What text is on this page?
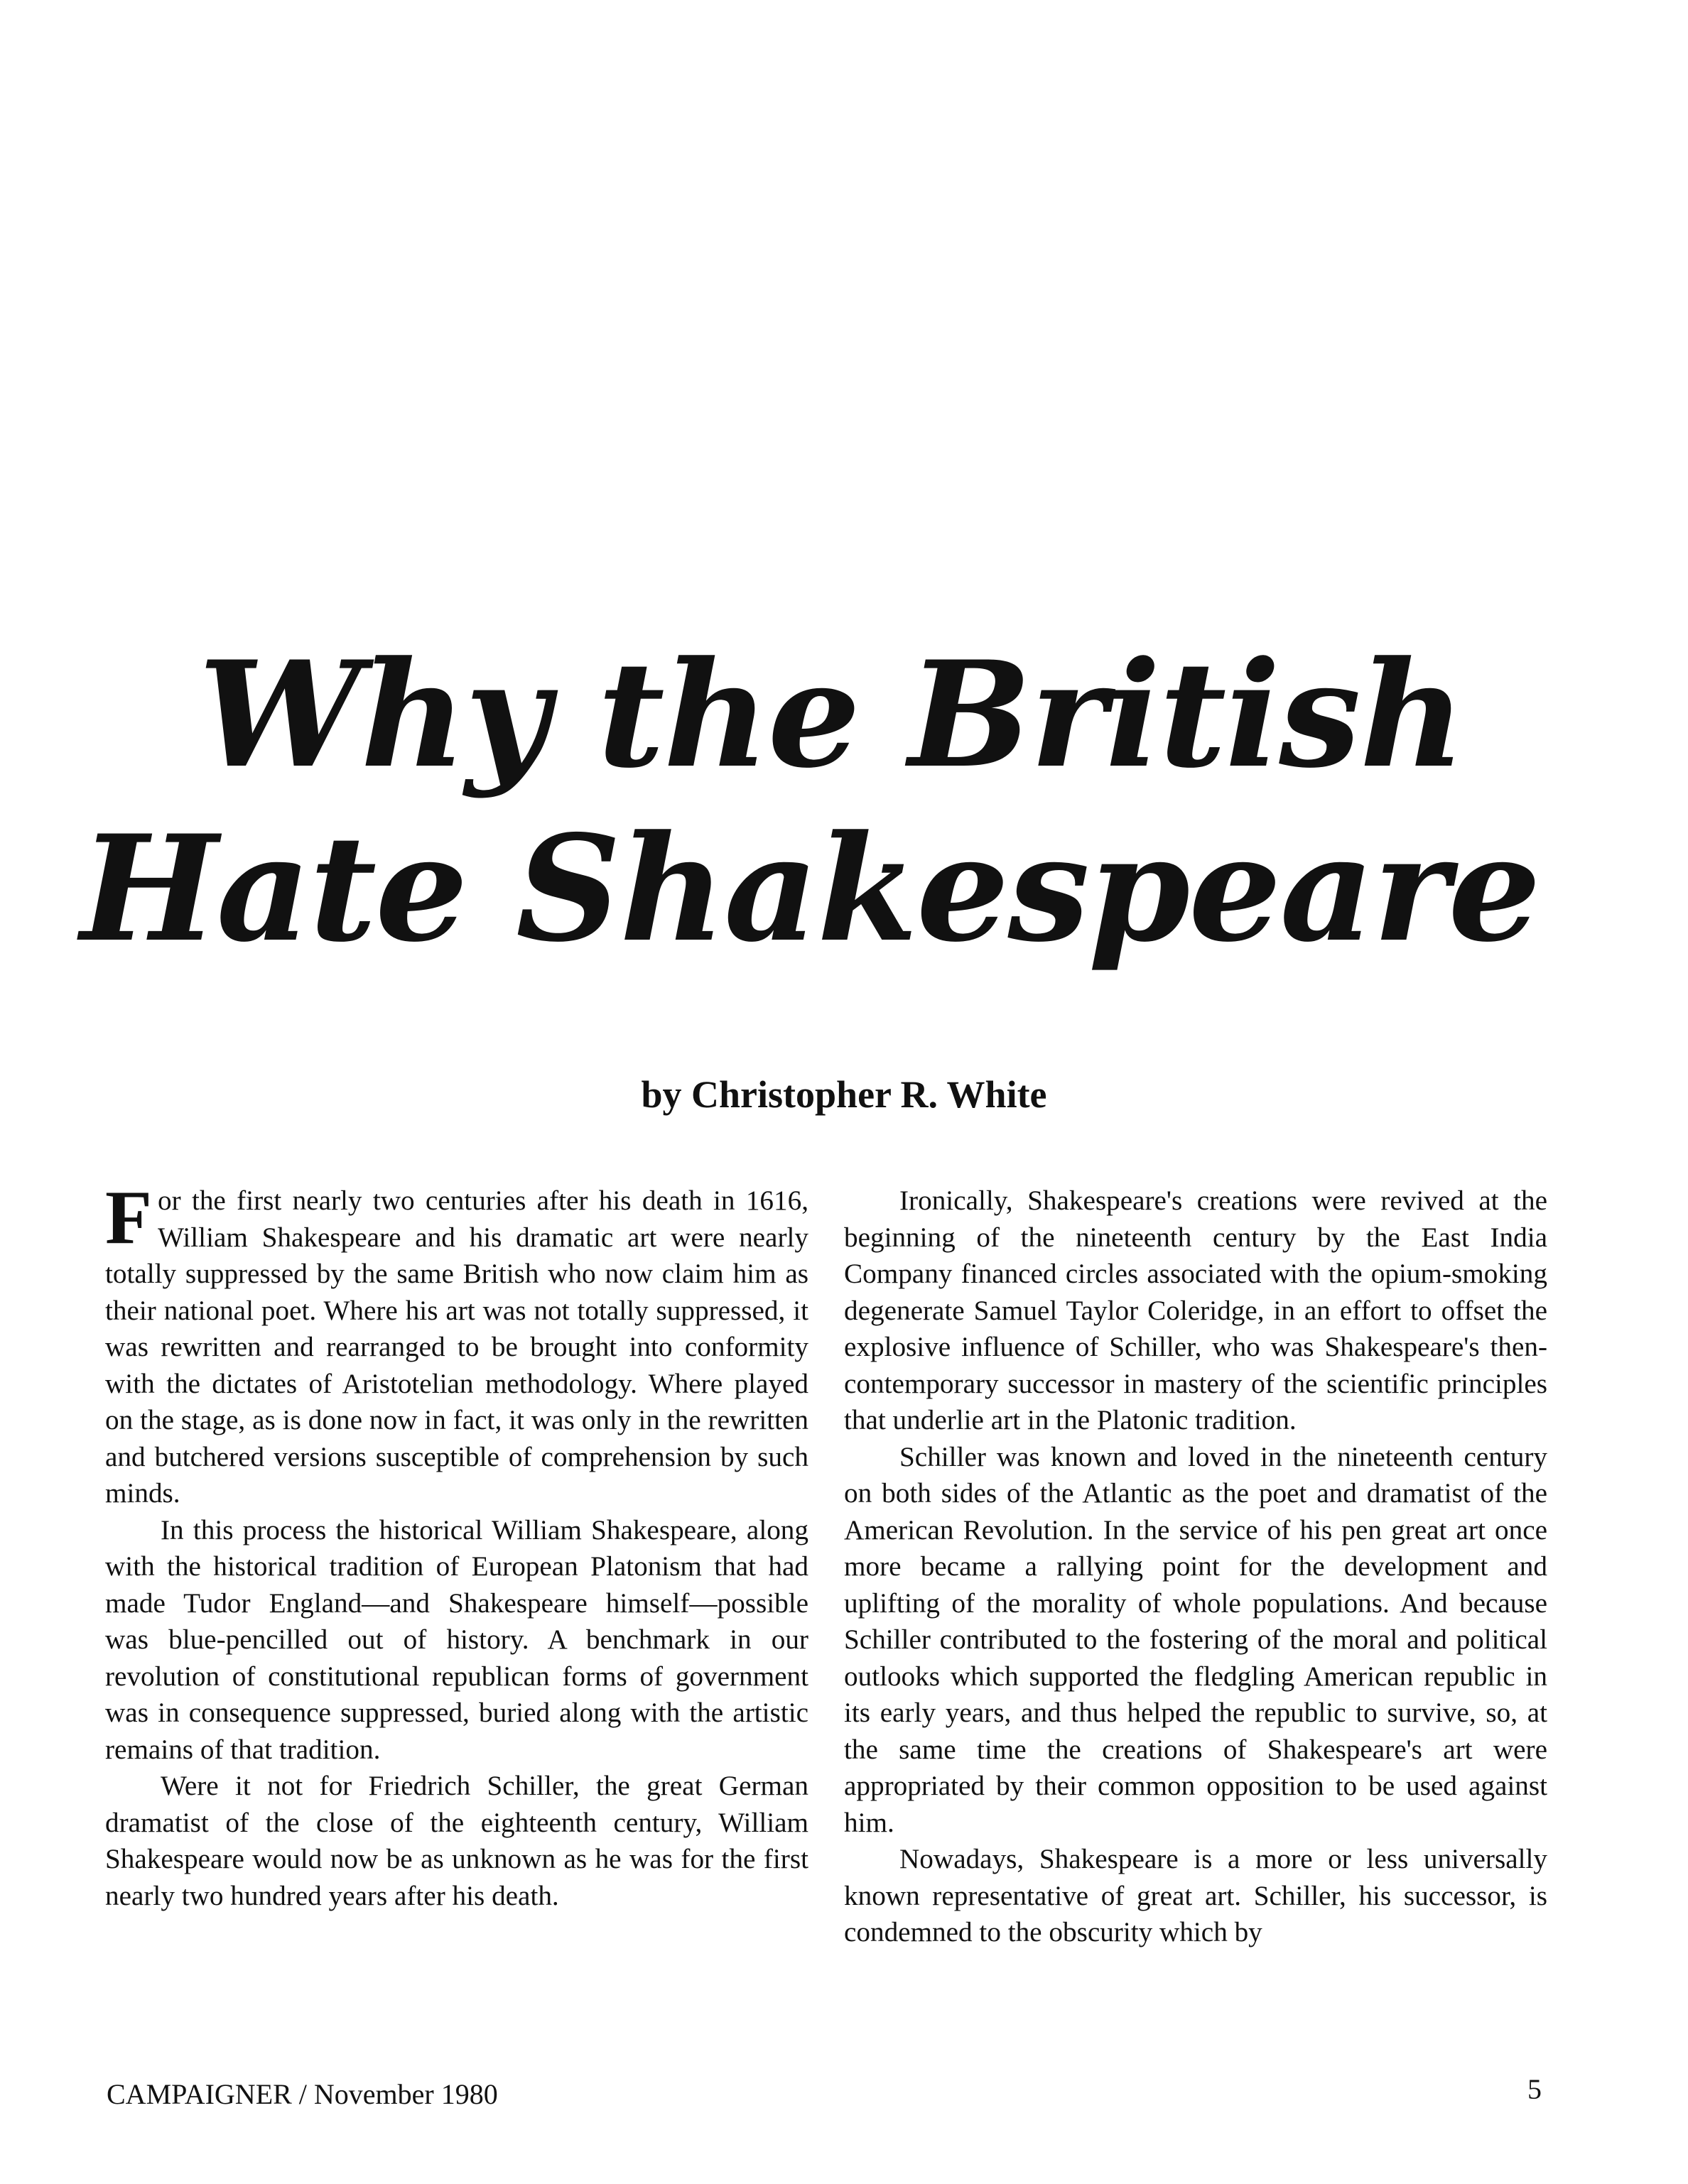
Why the British
Hate Shakespeare
by Christopher R. White

For the first nearly two centuries after his death in 1616, William Shakespeare and his dramatic art were nearly totally suppressed by the same British who now claim him as their national poet. Where his art was not totally suppressed, it was rewritten and rearranged to be brought into conformity with the dictates of Aristotelian methodology. Where played on the stage, as is done now in fact, it was only in the rewritten and butchered versions susceptible of comprehension by such minds.

In this process the historical William Shakespeare, along with the historical tradition of European Platonism that had made Tudor England—and Shakespeare himself—possible was blue-pencilled out of history. A benchmark in our revolution of constitutional republican forms of government was in consequence suppressed, buried along with the artistic remains of that tradition.

Were it not for Friedrich Schiller, the great German dramatist of the close of the eighteenth century, William Shakespeare would now be as unknown as he was for the first nearly two hundred years after his death.

Ironically, Shakespeare's creations were revived at the beginning of the nineteenth century by the East India Company financed circles associated with the opium-smoking degenerate Samuel Taylor Coleridge, in an effort to offset the explosive influence of Schiller, who was Shakespeare's then-contemporary successor in mastery of the scientific principles that underlie art in the Platonic tradition.

Schiller was known and loved in the nineteenth century on both sides of the Atlantic as the poet and dramatist of the American Revolution. In the service of his pen great art once more became a rallying point for the development and uplifting of the morality of whole populations. And because Schiller contributed to the fostering of the moral and political outlooks which supported the fledgling American republic in its early years, and thus helped the republic to survive, so, at the same time the creations of Shakespeare's art were appropriated by their common opposition to be used against him.

Nowadays, Shakespeare is a more or less universally known representative of great art. Schiller, his successor, is condemned to the obscurity which by

CAMPAIGNER / November 1980	5
